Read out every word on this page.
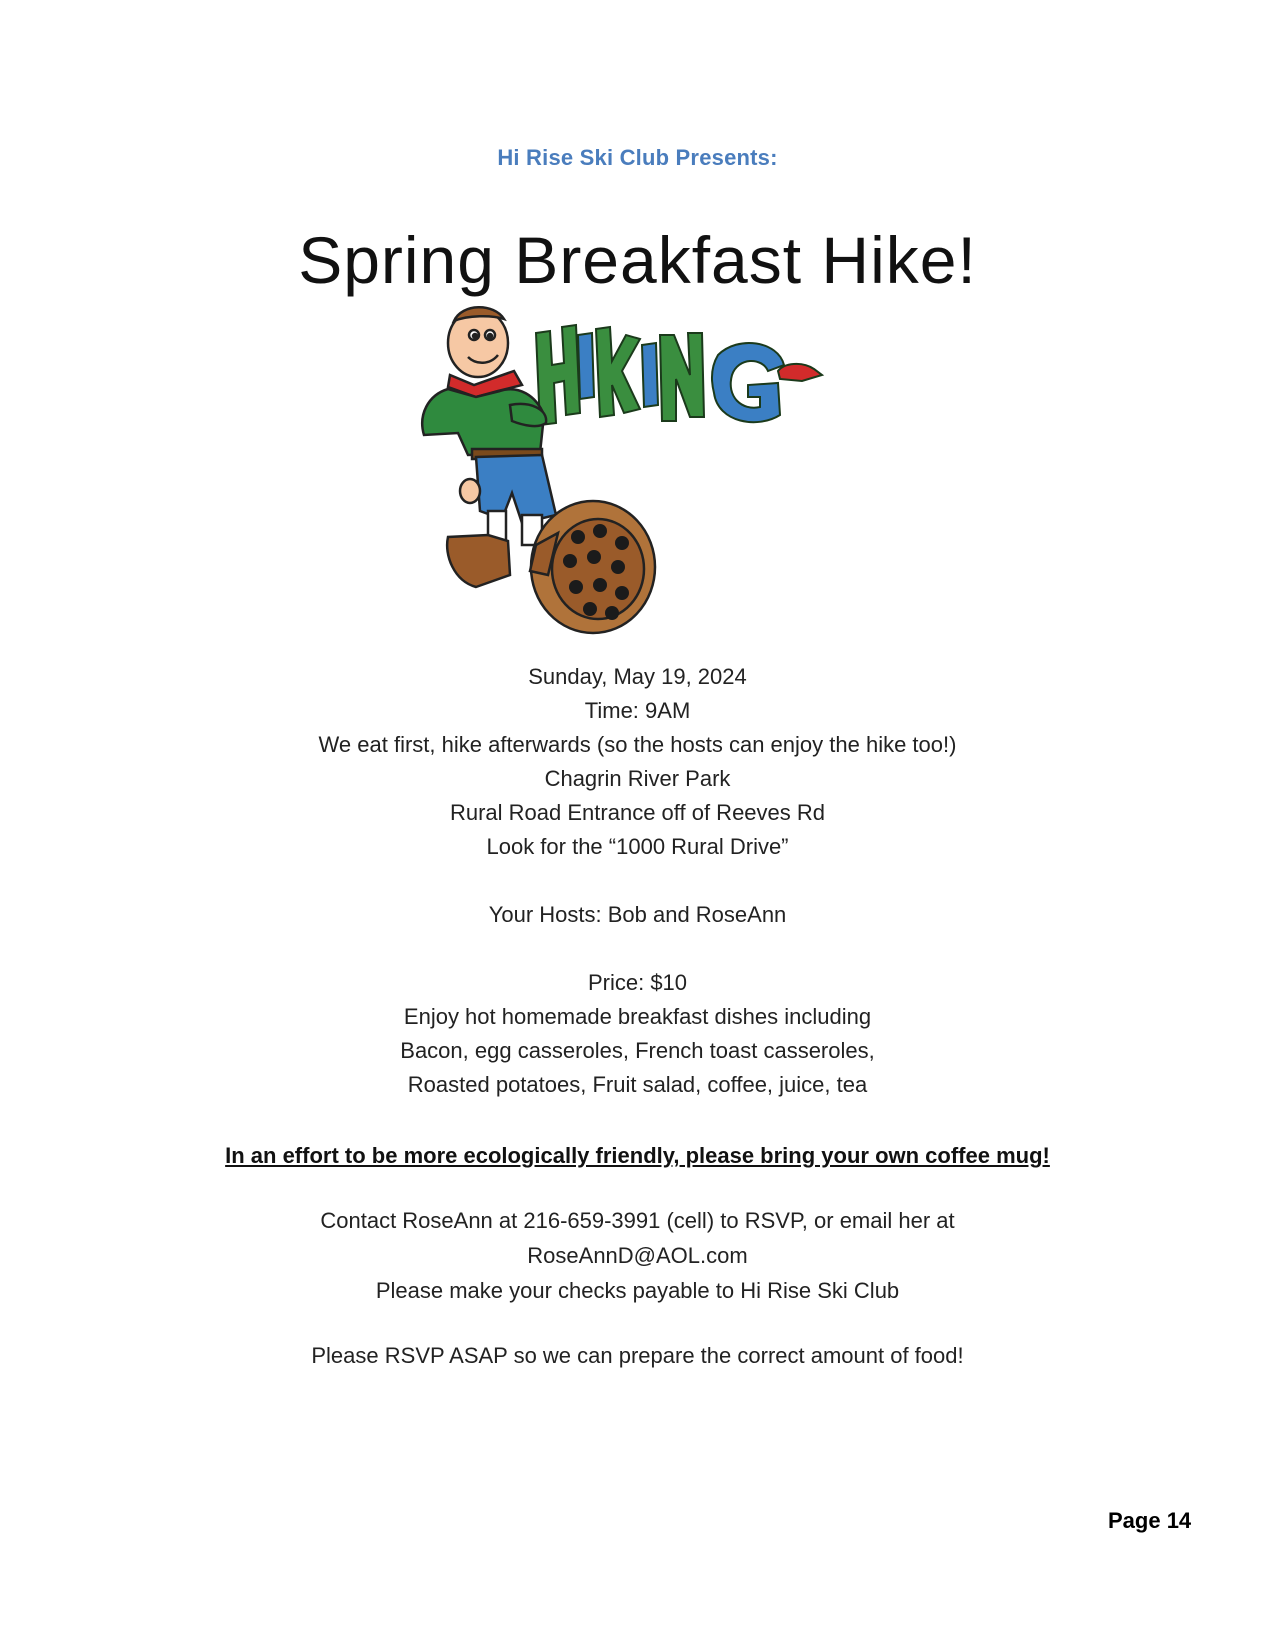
Hi Rise Ski Club Presents:
Spring Breakfast Hike!
Sunday, May 19, 2024
Time: 9AM
We eat first, hike afterwards (so the hosts can enjoy the hike too!)
Chagrin River Park
Rural Road Entrance off of Reeves Rd
Look for the “1000 Rural Drive”
Your Hosts: Bob and RoseAnn
Price: $10
Enjoy hot homemade breakfast dishes including
Bacon, egg casseroles, French toast casseroles,
Roasted potatoes, Fruit salad, coffee, juice, tea
In an effort to be more ecologically friendly, please bring your own coffee mug!
Contact RoseAnn at 216-659-3991 (cell) to RSVP, or email her at
RoseAnnD@AOL.com
Please make your checks payable to Hi Rise Ski Club
Please RSVP ASAP so we can prepare the correct amount of food!
Page 14
